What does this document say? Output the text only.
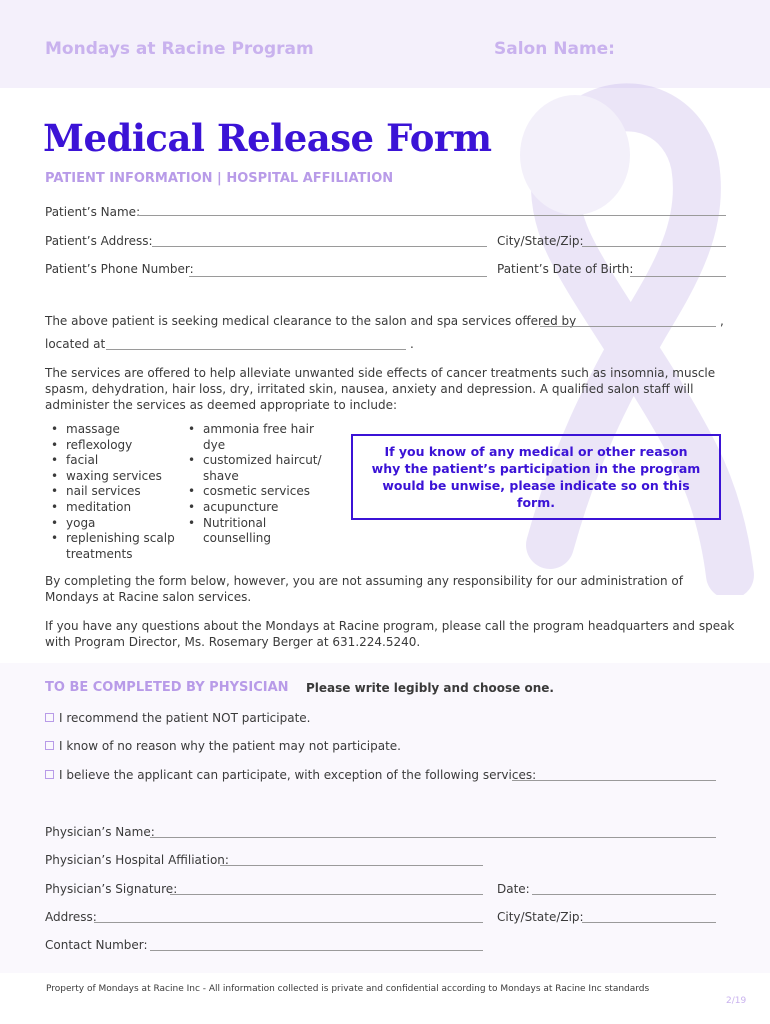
Mondays at Racine Program	Salon Name:
Medical Release Form
PATIENT INFORMATION | HOSPITAL AFFILIATION
Patient’s Name:
Patient’s Address:	City/State/Zip:
Patient’s Phone Number:	Patient’s Date of Birth:
The above patient is seeking medical clearance to the salon and spa services offered by	,
located at	.
The services are offered to help alleviate unwanted side effects of cancer treatments such as insomnia, muscle spasm, dehydration, hair loss, dry, irritated skin, nausea, anxiety and depression. A qualified salon staff will administer the services as deemed appropriate to include:
• massage
• reflexology
• facial
• waxing services
• nail services
• meditation
• yoga
• replenishing scalp treatments
• ammonia free hair dye
• customized haircut/ shave
• cosmetic services
• acupuncture
• Nutritional counselling
If you know of any medical or other reason why the patient’s participation in the program would be unwise, please indicate so on this form.
By completing the form below, however, you are not assuming any responsibility for our administration of Mondays at Racine salon services.
If you have any questions about the Mondays at Racine program, please call the program headquarters and speak with Program Director, Ms. Rosemary Berger at 631.224.5240.
TO BE COMPLETED BY PHYSICIAN Please write legibly and choose one.
I recommend the patient NOT participate.
I know of no reason why the patient may not participate.
I believe the applicant can participate, with exception of the following services:
Physician’s Name:
Physician’s Hospital Affiliation:
Physician’s Signature:	Date:
Address:	City/State/Zip:
Contact Number:
Property of Mondays at Racine Inc - All information collected is private and confidential according to Mondays at Racine Inc standards
2/19
